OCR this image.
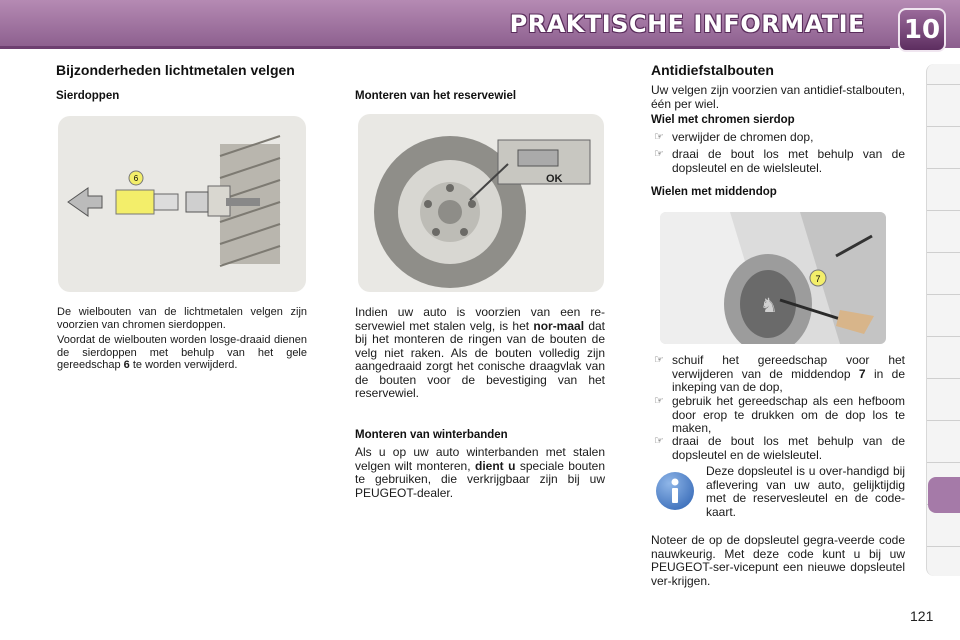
PRAKTISCHE INFORMATIE 10
Bijzonderheden lichtmetalen velgen
Sierdoppen	Monteren van het reservewiel
6	OK
De wielbouten van de lichtmetalen velgen zijn voorzien van chromen sierdoppen.
Voordat de wielbouten worden losge-draaid dienen de sierdoppen met behulp van het gele gereedschap 6 te worden verwijderd.
Indien uw auto is voorzien van een re-servewiel met stalen velg, is het nor-maal dat bij het monteren de ringen van de bouten de velg niet raken. Als de bouten volledig zijn aangedraaid zorgt het conische draagvlak van de bouten voor de bevestiging van het reservewiel.
Monteren van winterbanden
Als u op uw auto winterbanden met stalen velgen wilt monteren, dient u speciale bouten te gebruiken, die verkrijgbaar zijn bij uw PEUGEOT-dealer.
Antidiefstalbouten
Uw velgen zijn voorzien van antidief-stalbouten, één per wiel.
Wiel met chromen sierdop
☞ verwijder de chromen dop,
☞ draai de bout los met behulp van de dopsleutel en de wielsleutel.
Wielen met middendop
♞
7
☞ schuif het gereedschap voor het verwijderen van de middendop 7 in de inkeping van de dop,
☞ gebruik het gereedschap als een hefboom door erop te drukken om de dop los te maken,
☞ draai de bout los met behulp van de dopsleutel en de wielsleutel.
Deze dopsleutel is u over-handigd bij aflevering van uw auto, gelijktijdig met de reservesleutel en de code-kaart.
Noteer de op de dopsleutel gegra-veerde code nauwkeurig. Met deze code kunt u bij uw PEUGEOT-ser-vicepunt een nieuwe dopsleutel ver-krijgen.
121
